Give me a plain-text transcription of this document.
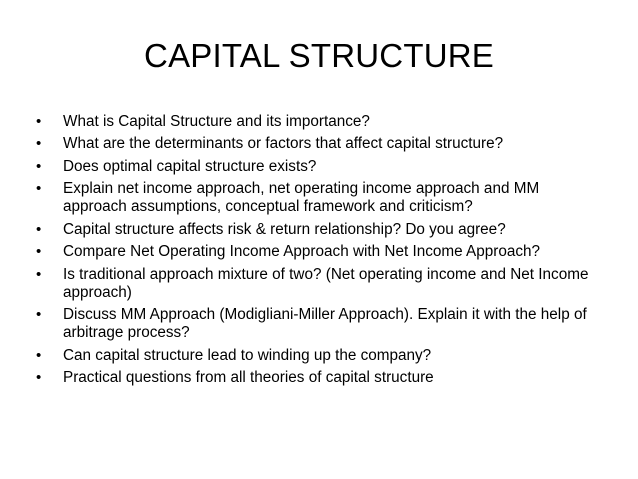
CAPITAL STRUCTURE
•	What is Capital Structure and its importance?
•	What are the determinants or factors that affect capital structure?
•	Does optimal capital structure exists?
•	Explain net income approach, net operating income approach and MM approach assumptions, conceptual framework and criticism?
•	Capital structure affects risk & return relationship? Do you agree?
•	Compare Net Operating Income Approach with Net Income Approach?
•	Is traditional approach mixture of two? (Net operating income and Net Income approach)
•	Discuss MM Approach (Modigliani-Miller Approach). Explain it with the help of arbitrage process?
•	Can capital structure lead to winding up the company?
•	Practical questions from all theories of capital structure
